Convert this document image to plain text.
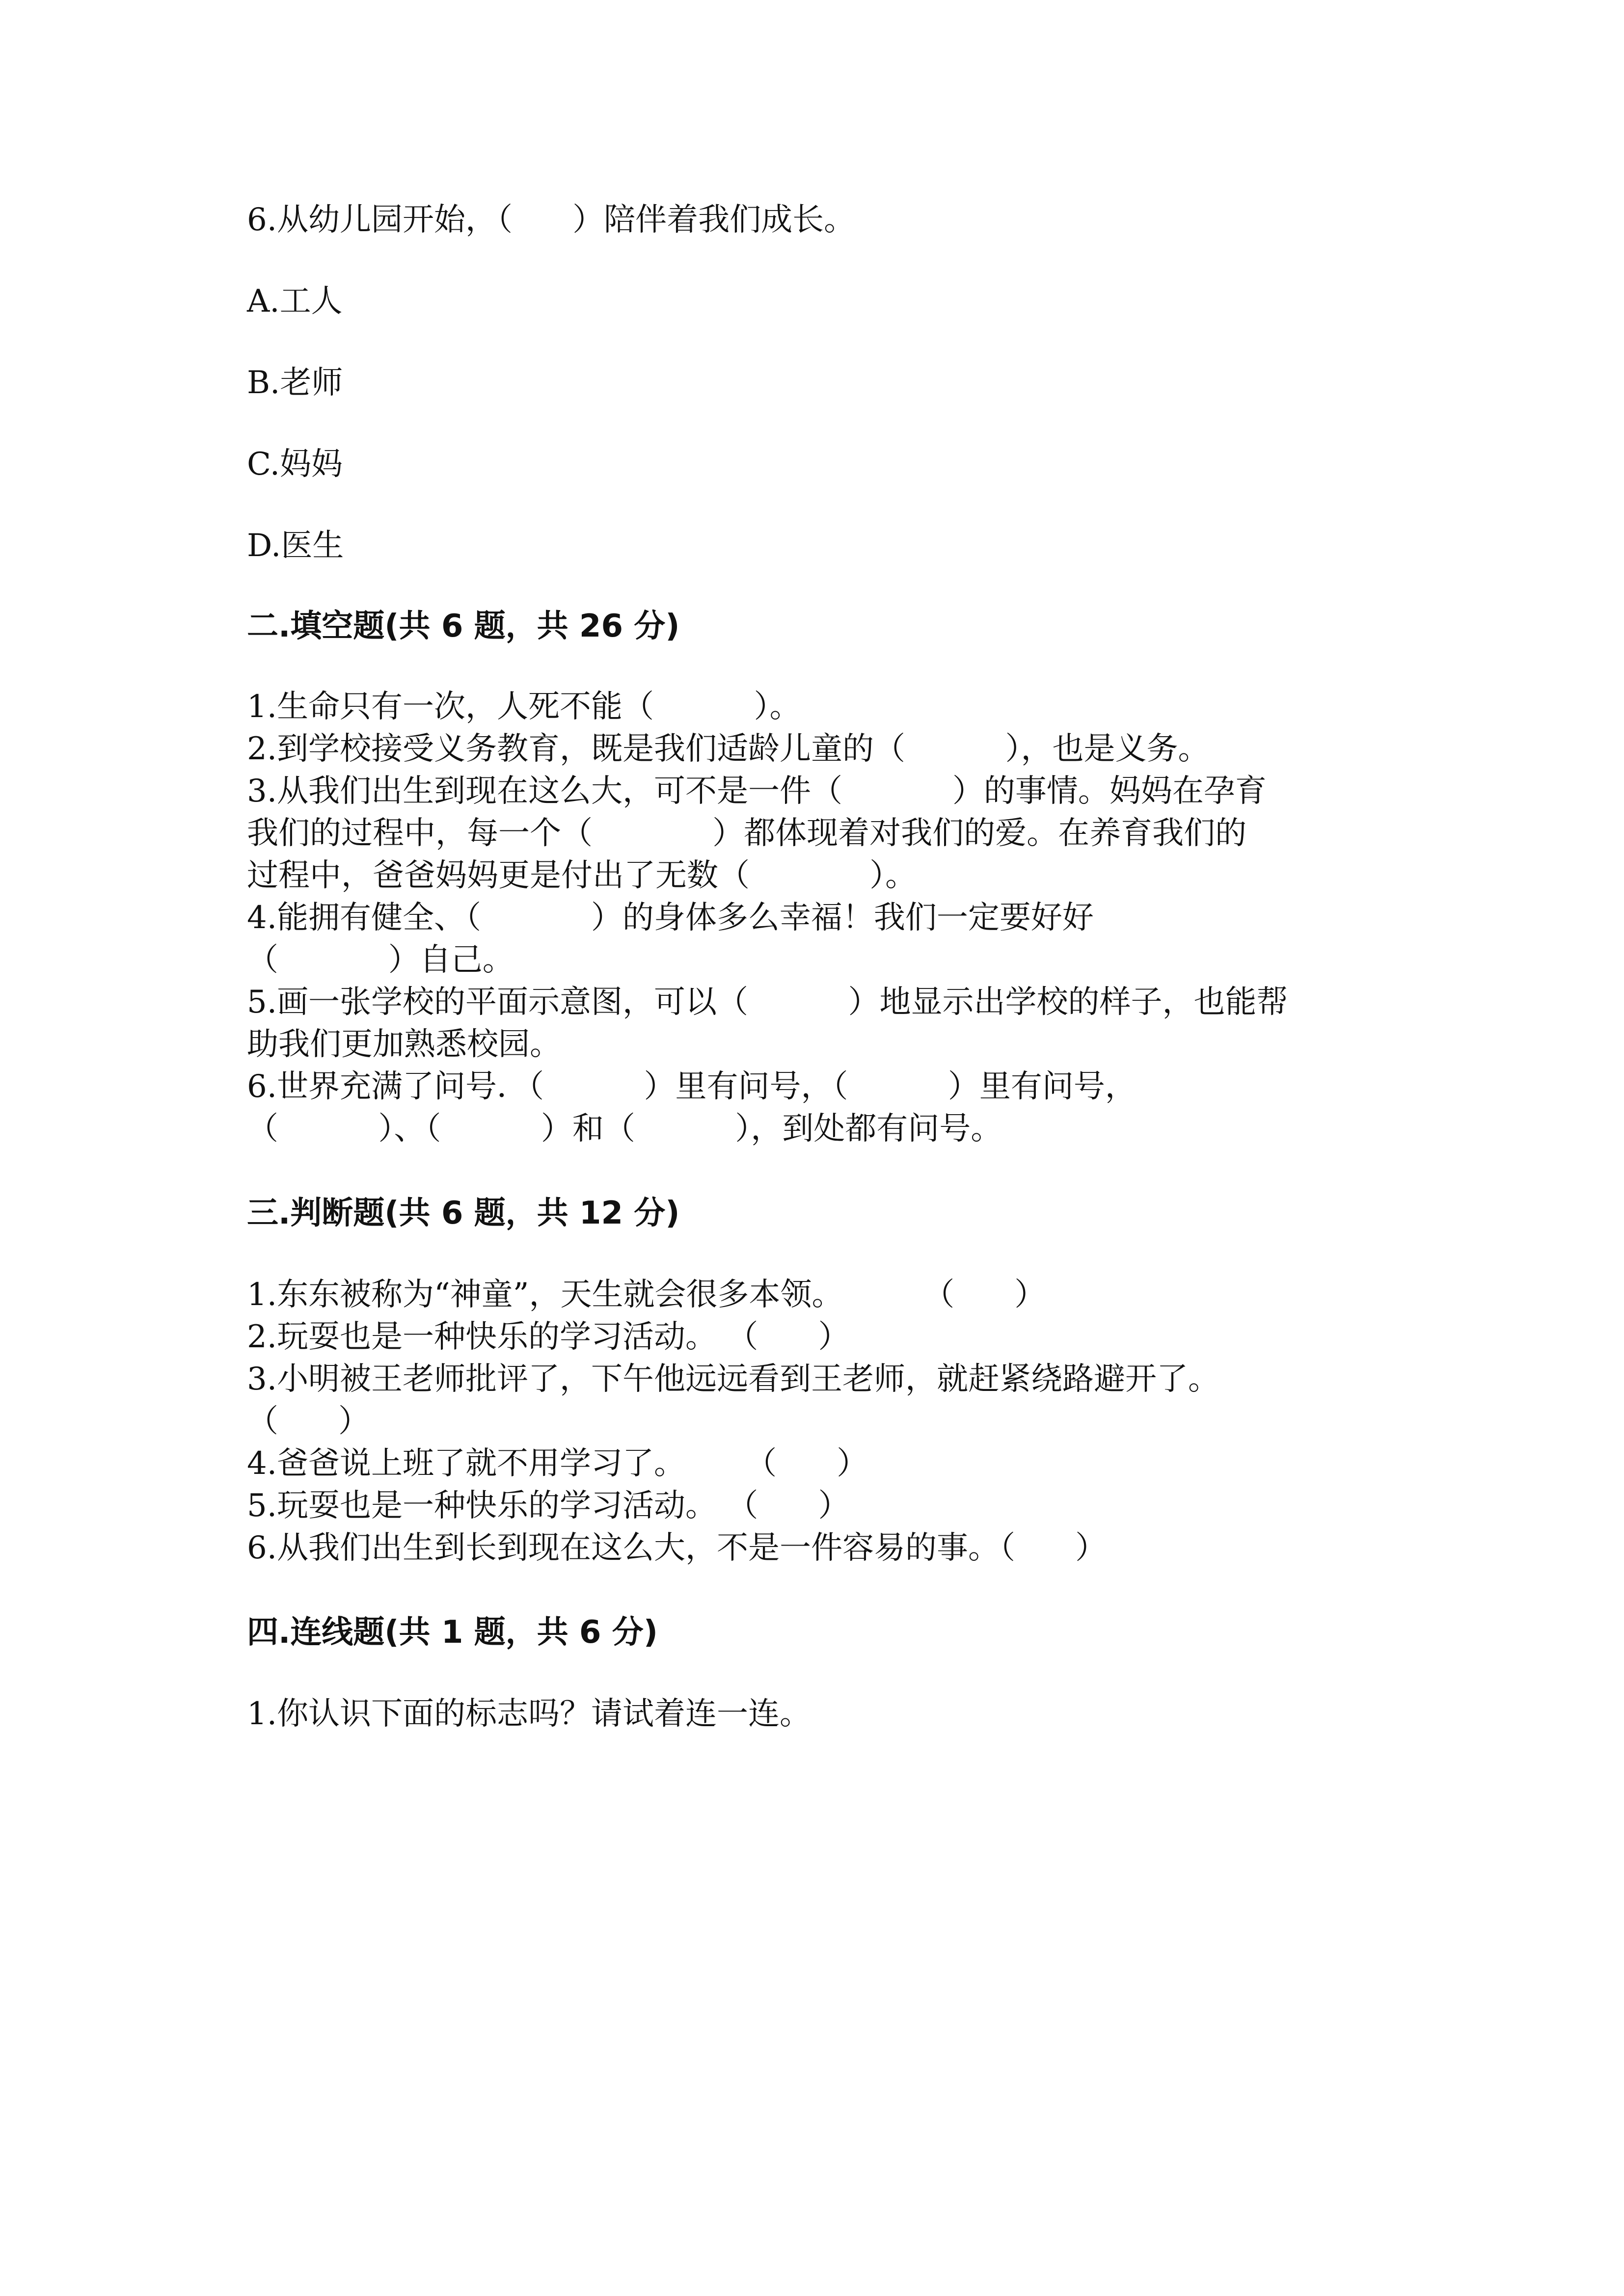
6.从幼儿园开始，（      ）陪伴着我们成长。
A.工人
B.老师
C.妈妈
D.医生
二.填空题(共 6 题，共 26 分)
1.生命只有一次，人死不能（          ）。
2.到学校接受义务教育，既是我们适龄儿童的（          ），也是义务。
3.从我们出生到现在这么大，可不是一件（           ）的事情。妈妈在孕育
我们的过程中，每一个（            ）都体现着对我们的爱。在养育我们的
过程中，爸爸妈妈更是付出了无数（            ）。
4.能拥有健全、（           ）的身体多么幸福！我们一定要好好
（           ）自己。
5.画一张学校的平面示意图，可以（          ）地显示出学校的样子，也能帮
助我们更加熟悉校园。
6.世界充满了问号．（          ）里有问号，（          ）里有问号，
（          ）、（          ）和（          ），到处都有问号。
三.判断题(共 6 题，共 12 分)
1.东东被称为“神童”，天生就会很多本领。        （      ）
2.玩耍也是一种快乐的学习活动。 （      ）
3.小明被王老师批评了，下午他远远看到王老师，就赶紧绕路避开了。
（      ）
4.爸爸说上班了就不用学习了。      （      ）
5.玩耍也是一种快乐的学习活动。 （      ）
6.从我们出生到长到现在这么大，不是一件容易的事。（      ）
四.连线题(共 1 题，共 6 分)
1.你认识下面的标志吗？请试着连一连。
